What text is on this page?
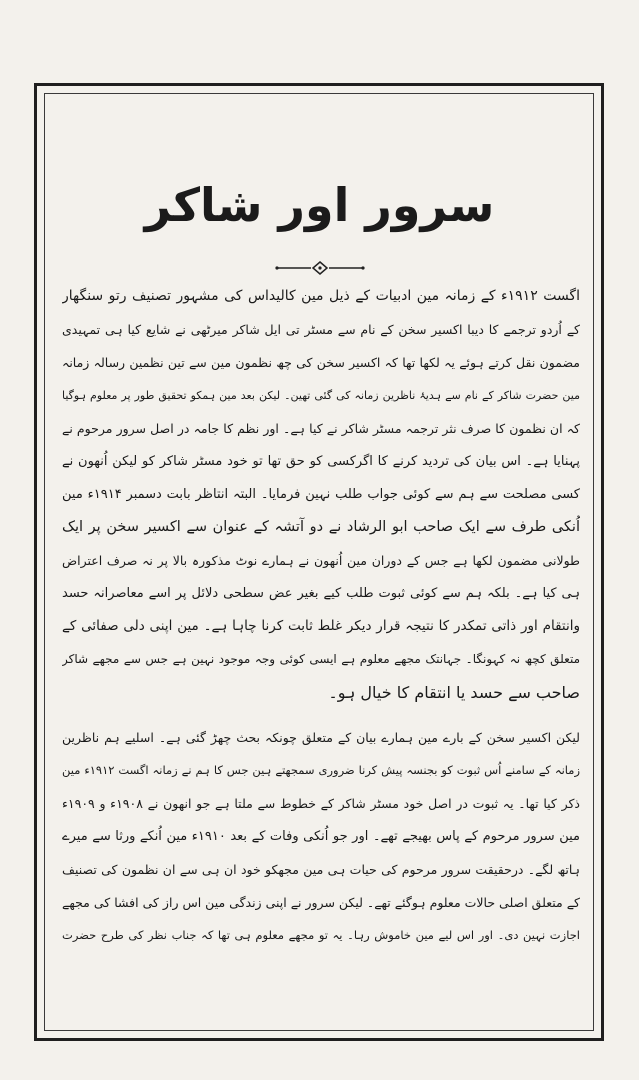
سرور اور شاکر
اگست ۱۹۱۲ء کے زمانہ مین ادبیات کے ذیل مین کالیداس کی مشہور تصنیف رتو سنگھار
کے اُردو ترجمے کا دیبا اکسیر سخن کے نام سے مسٹر تی ایل شاکر میرٹھی نے شایع کیا ہی تمہیدی
مضمون نقل کرتے ہوئے یہ لکھا تھا کہ اکسیر سخن کی چھ نظمون مین سے تین نظمین رسالہ زمانہ
مین حضرت شاکر کے نام سے ہدیۂ ناظرین زمانہ کی گئی تھین۔ لیکن بعد مین ہمکو تحقیق طور پر معلوم ہوگیا
کہ ان نظمون کا صرف نثر ترجمہ مسٹر شاکر نے کیا ہے۔ اور نظم کا جامہ در اصل سرور مرحوم نے
پہنایا ہے۔ اس بیان کی تردید کرنے کا اگرکسی کو حق تھا تو خود مسٹر شاکر کو لیکن اُنھون نے
کسی مصلحت سے ہم سے کوئی جواب طلب نہین فرمایا۔ البتہ انتاظر بابت دسمبر ۱۹۱۴ء مین
اُنکی طرف سے ایک صاحب ابو الرشاد نے دو آتشہ کے عنوان سے اکسیر سخن پر ایک
طولانی مضمون لکھا ہے جس کے دوران مین اُنھون نے ہمارے نوٹ مذکورہ بالا پر نہ صرف اعتراض
ہی کیا ہے۔ بلکہ ہم سے کوئی ثبوت طلب کیے بغیر عض سطحی دلائل پر اسے معاصرانہ حسد
وانتقام اور ذاتی تمکدر کا نتیجہ قرار دیکر غلط ثابت کرنا چاہا ہے۔ مین اپنی دلی صفائی کے
متعلق کچھ نہ کہونگا۔ جہانتک مجھے معلوم ہے ایسی کوئی وجہ موجود نہین ہے جس سے مجھے شاکر
صاحب سے حسد یا انتقام کا خیال ہو۔
لیکن اکسیر سخن کے بارے مین ہمارے بیان کے متعلق چونکہ بحث چھڑ گئی ہے۔ اسلیے ہم ناظرین
زمانہ کے سامنے اُس ثبوت کو بجنسہ پیش کرنا ضروری سمجھتے ہین جس کا ہم نے زمانہ اگست ۱۹۱۲ء مین
ذکر کیا تھا۔ یہ ثبوت در اصل خود مسٹر شاکر کے خطوط سے ملتا ہے جو انھون نے ۱۹۰۸ء و ۱۹۰۹ء
مین سرور مرحوم کے پاس بھیجے تھے۔ اور جو اُنکی وفات کے بعد ۱۹۱۰ء مین اُنکے ورثا سے میرے
ہاتھ لگے۔ درحقیقت سرور مرحوم کی حیات ہی مین مجھکو خود ان ہی سے ان نظمون کی تصنیف
کے متعلق اصلی حالات معلوم ہوگئے تھے۔ لیکن سرور نے اپنی زندگی مین اس راز کی افشا کی مجھے
اجازت نہین دی۔ اور اس لیے مین خاموش رہا۔ یہ تو مجھے معلوم ہی تھا کہ جناب نظر کی طرح حضرت
